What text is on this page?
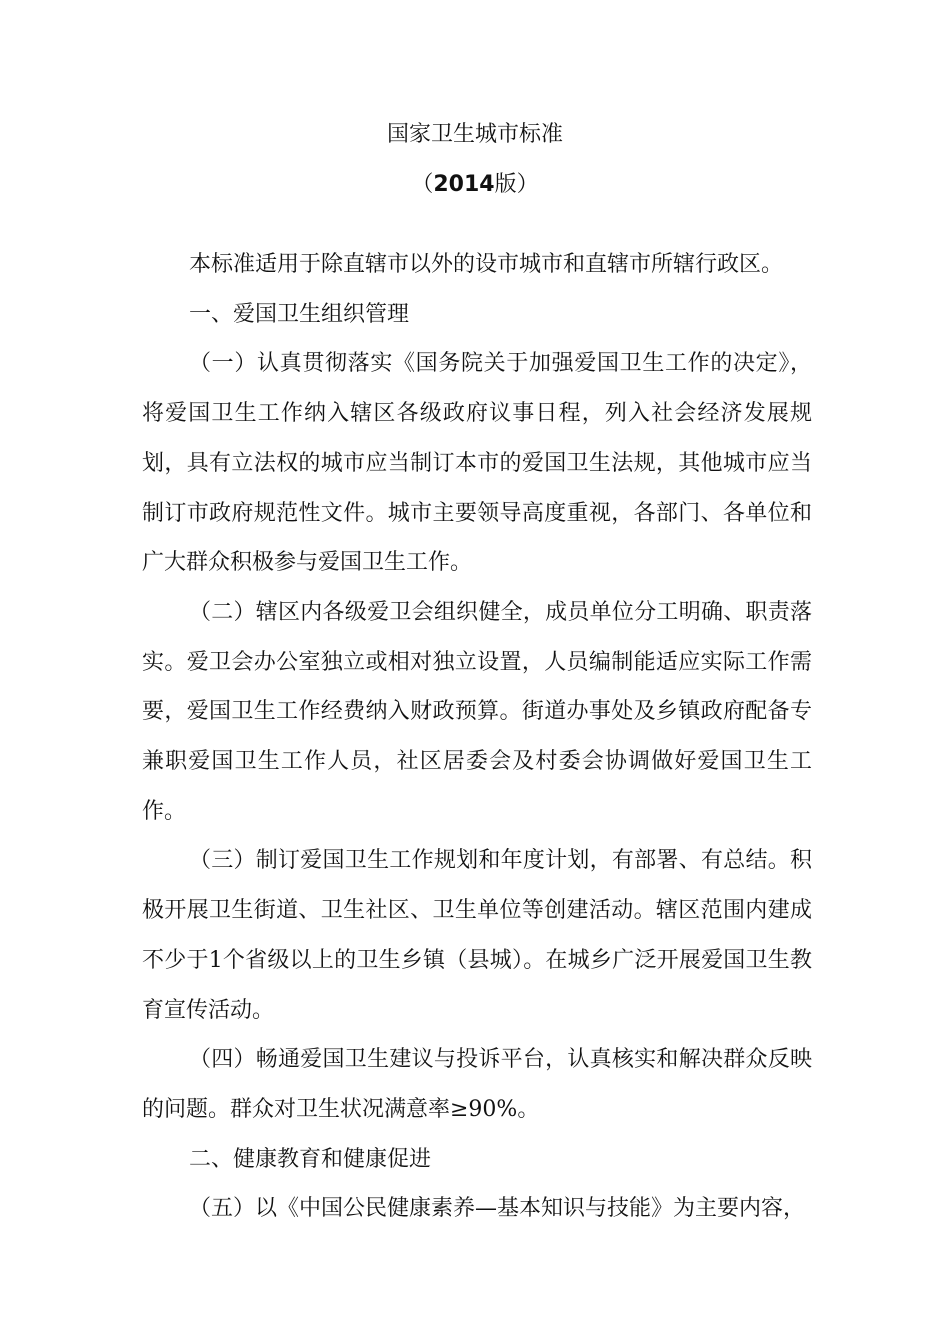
国家卫生城市标准
（2014版）

本标准适用于除直辖市以外的设市城市和直辖市所辖行政区。

一、爱国卫生组织管理

（一）认真贯彻落实《国务院关于加强爱国卫生工作的决定》，将爱国卫生工作纳入辖区各级政府议事日程，列入社会经济发展规划，具有立法权的城市应当制订本市的爱国卫生法规，其他城市应当制订市政府规范性文件。城市主要领导高度重视，各部门、各单位和广大群众积极参与爱国卫生工作。

（二）辖区内各级爱卫会组织健全，成员单位分工明确、职责落实。爱卫会办公室独立或相对独立设置，人员编制能适应实际工作需要，爱国卫生工作经费纳入财政预算。街道办事处及乡镇政府配备专兼职爱国卫生工作人员，社区居委会及村委会协调做好爱国卫生工作。

（三）制订爱国卫生工作规划和年度计划，有部署、有总结。积极开展卫生街道、卫生社区、卫生单位等创建活动。辖区范围内建成不少于1个省级以上的卫生乡镇（县城）。在城乡广泛开展爱国卫生教育宣传活动。

（四）畅通爱国卫生建议与投诉平台，认真核实和解决群众反映的问题。群众对卫生状况满意率≥90%。

二、健康教育和健康促进

（五）以《中国公民健康素养—基本知识与技能》为主要内容，
